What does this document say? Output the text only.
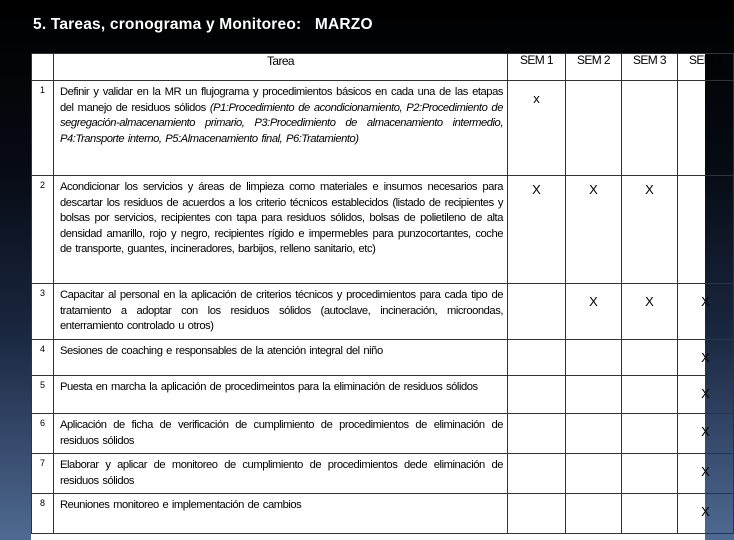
5. Tareas, cronograma y Monitoreo:   MARZO
	Tarea	SEM 1	SEM 2	SEM 3	SEM 4
1	Definir y validar en la MR un flujograma y procedimientos básicos en cada una de las etapas del manejo de residuos sólidos (P1:Procedimiento de acondicionamiento, P2:Procedimiento de segregación-almacenamiento primario, P3:Procedimiento de almacenamiento intermedio, P4:Transporte interno, P5:Almacenamiento final, P6:Tratamiento)	x			
2	Acondicionar los servicios y áreas de limpieza como materiales e insumos necesarios para descartar los residuos de acuerdos a los criterio técnicos establecidos (listado de recipientes y bolsas por servicios, recipientes con tapa para residuos sólidos, bolsas de polietileno de alta densidad amarillo, rojo y negro, recipientes rígido e impermebles para punzocortantes, coche de transporte, guantes, incineradores, barbijos, relleno sanitario, etc)	X	X	X	
3	Capacitar al personal en la aplicación de criterios técnicos y procedimientos para cada tipo de tratamiento a adoptar con los residuos sólidos (autoclave, incineración, microondas, enterramiento controlado u otros)		X	X	X
4	Sesiones de coaching e responsables de la atención integral del niño				X
5	Puesta en marcha la aplicación de procedimeintos para la eliminación de residuos sólidos				X
6	Aplicación de ficha de verificación de cumplimiento de procedimientos de eliminación de residuos sólidos				X
7	Elaborar y aplicar de monitoreo de cumplimiento de procedimientos dede eliminación de residuos sólidos				X
8	Reuniones monitoreo e implementación de cambios				X
